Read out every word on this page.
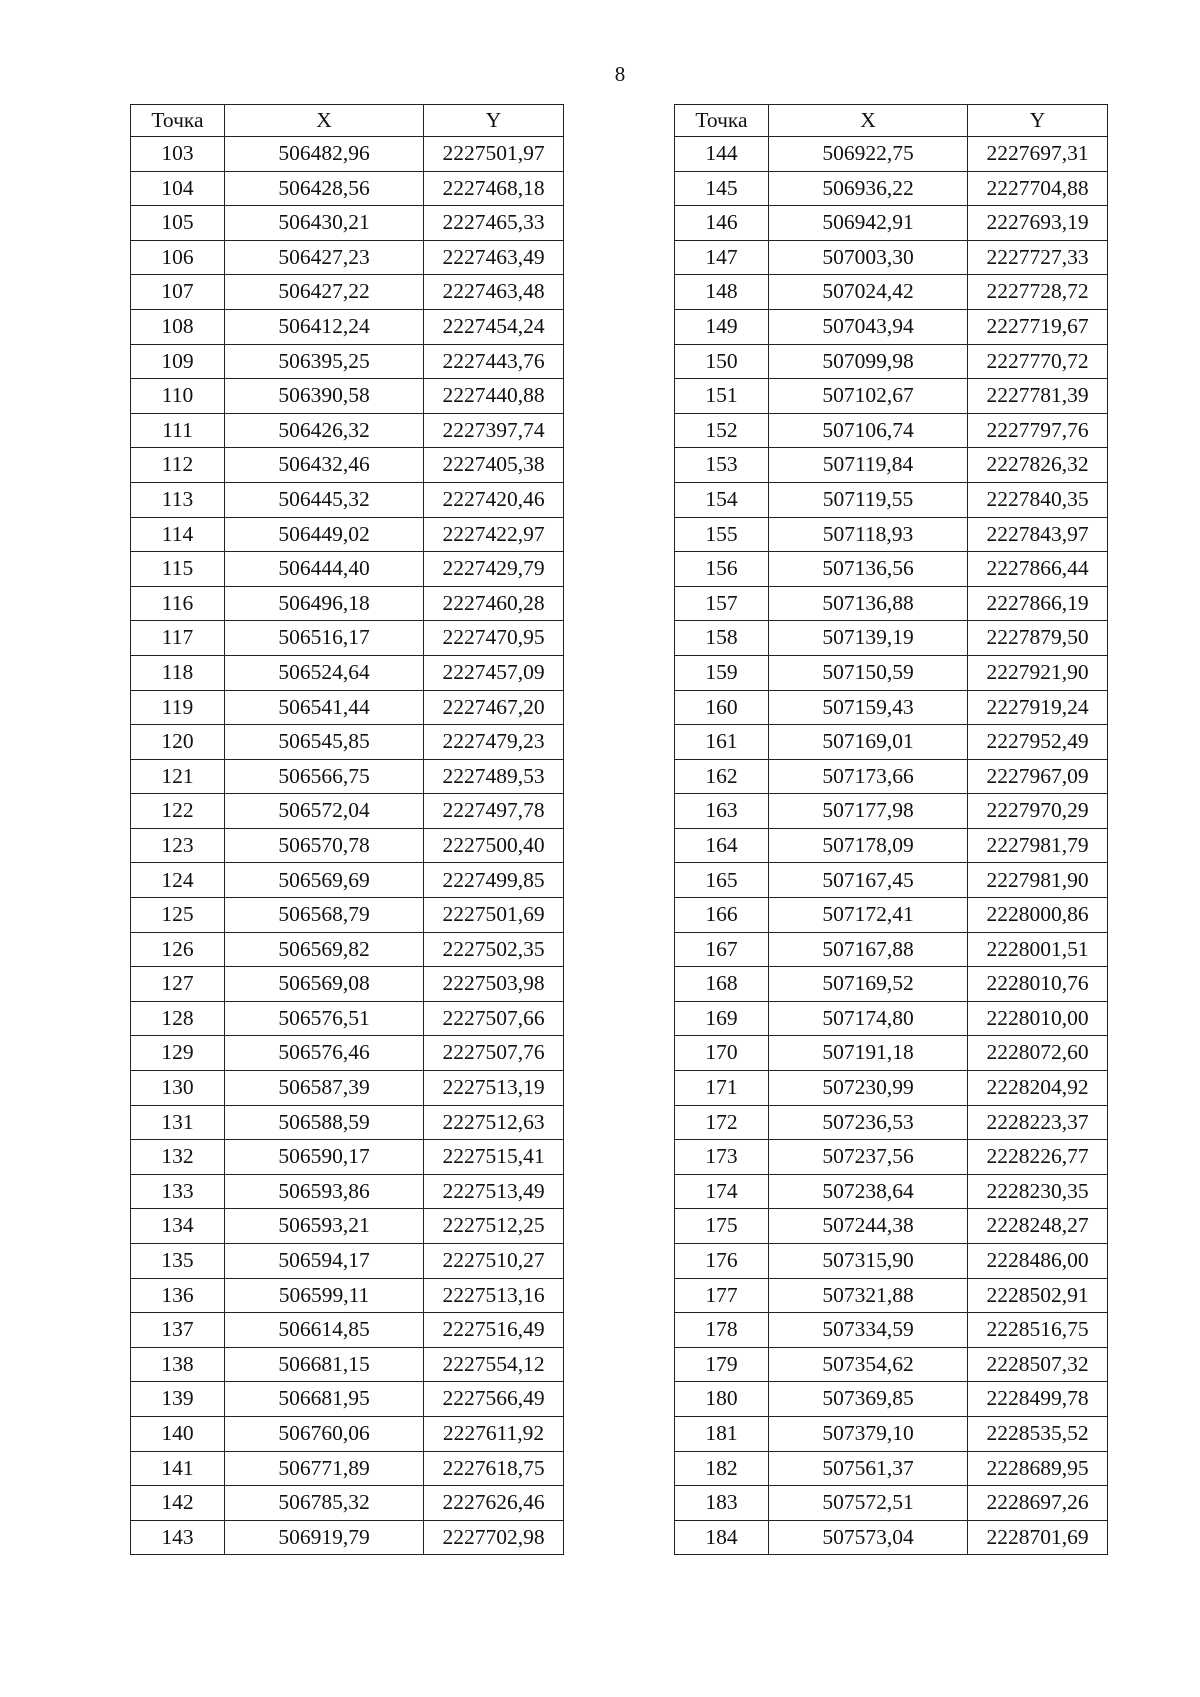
8
Точка	X	Y
103	506482,96	2227501,97
104	506428,56	2227468,18
105	506430,21	2227465,33
106	506427,23	2227463,49
107	506427,22	2227463,48
108	506412,24	2227454,24
109	506395,25	2227443,76
110	506390,58	2227440,88
111	506426,32	2227397,74
112	506432,46	2227405,38
113	506445,32	2227420,46
114	506449,02	2227422,97
115	506444,40	2227429,79
116	506496,18	2227460,28
117	506516,17	2227470,95
118	506524,64	2227457,09
119	506541,44	2227467,20
120	506545,85	2227479,23
121	506566,75	2227489,53
122	506572,04	2227497,78
123	506570,78	2227500,40
124	506569,69	2227499,85
125	506568,79	2227501,69
126	506569,82	2227502,35
127	506569,08	2227503,98
128	506576,51	2227507,66
129	506576,46	2227507,76
130	506587,39	2227513,19
131	506588,59	2227512,63
132	506590,17	2227515,41
133	506593,86	2227513,49
134	506593,21	2227512,25
135	506594,17	2227510,27
136	506599,11	2227513,16
137	506614,85	2227516,49
138	506681,15	2227554,12
139	506681,95	2227566,49
140	506760,06	2227611,92
141	506771,89	2227618,75
142	506785,32	2227626,46
143	506919,79	2227702,98
Точка	X	Y
144	506922,75	2227697,31
145	506936,22	2227704,88
146	506942,91	2227693,19
147	507003,30	2227727,33
148	507024,42	2227728,72
149	507043,94	2227719,67
150	507099,98	2227770,72
151	507102,67	2227781,39
152	507106,74	2227797,76
153	507119,84	2227826,32
154	507119,55	2227840,35
155	507118,93	2227843,97
156	507136,56	2227866,44
157	507136,88	2227866,19
158	507139,19	2227879,50
159	507150,59	2227921,90
160	507159,43	2227919,24
161	507169,01	2227952,49
162	507173,66	2227967,09
163	507177,98	2227970,29
164	507178,09	2227981,79
165	507167,45	2227981,90
166	507172,41	2228000,86
167	507167,88	2228001,51
168	507169,52	2228010,76
169	507174,80	2228010,00
170	507191,18	2228072,60
171	507230,99	2228204,92
172	507236,53	2228223,37
173	507237,56	2228226,77
174	507238,64	2228230,35
175	507244,38	2228248,27
176	507315,90	2228486,00
177	507321,88	2228502,91
178	507334,59	2228516,75
179	507354,62	2228507,32
180	507369,85	2228499,78
181	507379,10	2228535,52
182	507561,37	2228689,95
183	507572,51	2228697,26
184	507573,04	2228701,69
